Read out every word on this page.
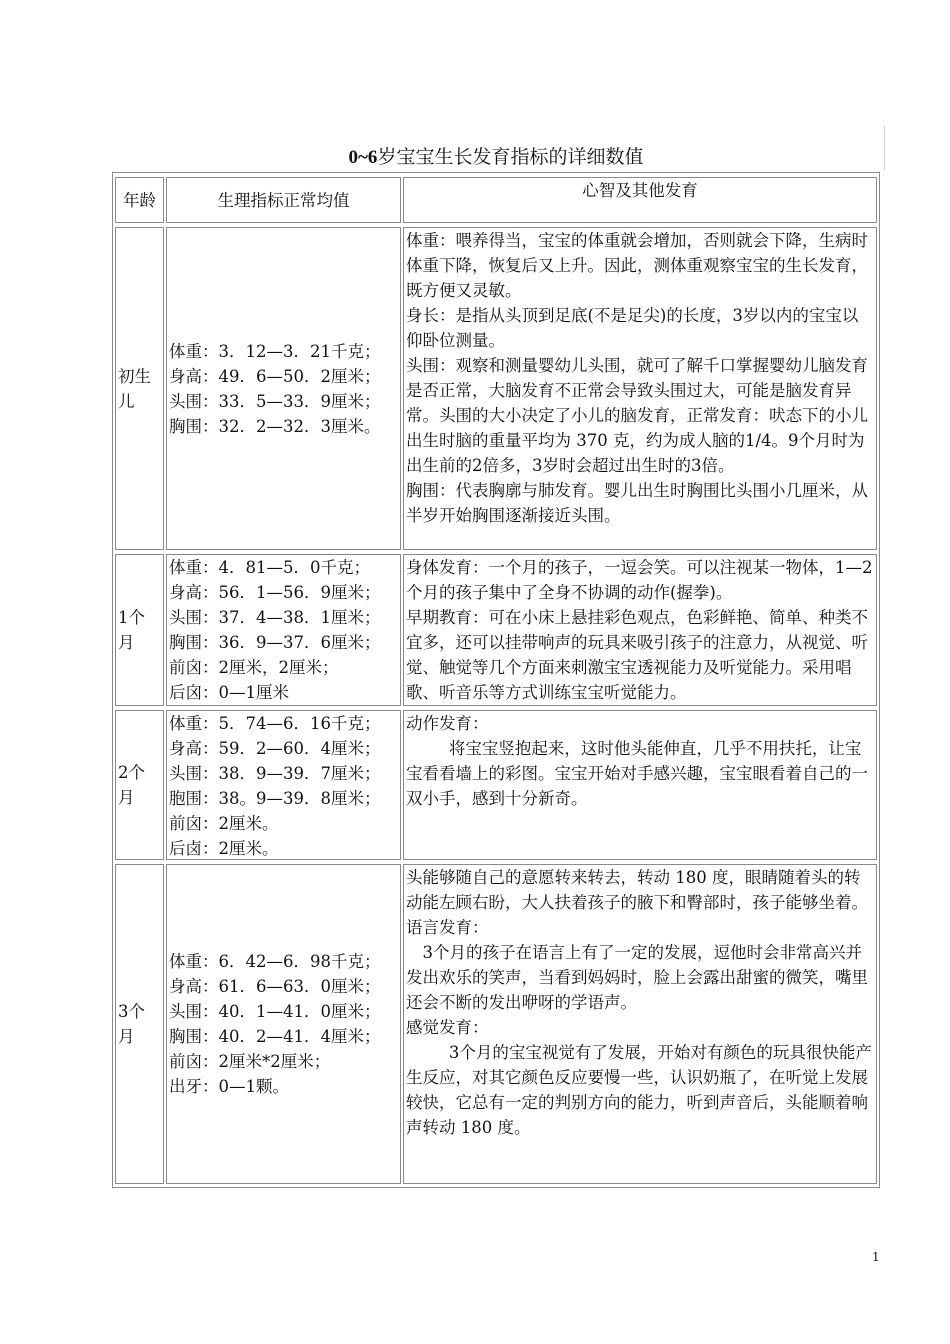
0~6岁宝宝生长发育指标的详细数值
年龄	生理指标正常均值	心智及其他发育
初生儿

体重：3．12—3．21千克；

身高：49．6—50．2厘米；

头围：33．5—33．9厘米；

胸围：32．2—32．3厘米。

体重：喂养得当，宝宝的体重就会增加，否则就会下降，生病时体重下降，恢复后又上升。因此，测体重观察宝宝的生长发育，既方便又灵敏。

身长：是指从头顶到足底(不是足尖)的长度，3岁以内的宝宝以仰卧位测量。

头围：观察和测量婴幼儿头围，就可了解千口掌握婴幼儿脑发育是否正常，大脑发育不正常会导致头围过大，可能是脑发育异常。头围的大小决定了小儿的脑发育，正常发育：吠态下的小儿出生时脑的重量平均为 370 克，约为成人脑的1/4。9个月时为出生前的2倍多，3岁时会超过出生时的3倍。

胸围：代表胸廓与肺发育。婴儿出生时胸围比头围小几厘米，从半岁开始胸围逐渐接近头围。

1个月

体重：4．81—5．0千克；

身高：56．1—56．9厘米；

头围：37．4—38．1厘米；

胸围：36．9—37．6厘米；

前囟：2厘米，2厘米；

后囟：0—1厘米

身体发育：一个月的孩子，一逗会笑。可以注视某一物体，1—2个月的孩子集中了全身不协调的动作(握拳)。

早期教育：可在小床上悬挂彩色观点，色彩鲜艳、简单、种类不宜多，还可以挂带响声的玩具来吸引孩子的注意力，从视觉、听觉、触觉等几个方面来刺激宝宝透视能力及听觉能力。采用唱歌、听音乐等方式训练宝宝听觉能力。

2个月

体重：5．74—6．16千克；

身高：59．2—60．4厘米；

头围：38．9—39．7厘米；

胞围：38。9—39．8厘米；

前囟：2厘米。

后卤：2厘米。

动作发育：

将宝宝竖抱起来，这时他头能伸直，几乎不用扶托，让宝宝看看墙上的彩图。宝宝开始对手感兴趣，宝宝眼看着自己的一双小手，感到十分新奇。

3个月

体重：6．42—6．98千克；

身高：61．6—63．0厘米；

头围：40．1—41．0厘米；

胸围：40．2—41．4厘米；

前囟：2厘米*2厘米；

出牙：0—1颗。

头能够随自己的意愿转来转去，转动 180 度，眼睛随着头的转动能左顾右盼，大人扶着孩子的腋下和臀部时，孩子能够坐着。

语言发育：

3个月的孩子在语言上有了一定的发展，逗他时会非常高兴并发出欢乐的笑声，当看到妈妈时，脸上会露出甜蜜的微笑，嘴里还会不断的发出咿呀的学语声。

感觉发育：

3个月的宝宝视觉有了发展，开始对有颜色的玩具很快能产生反应，对其它颜色反应要慢一些，认识奶瓶了，在听觉上发展较快，它总有一定的判别方向的能力，听到声音后，头能顺着响声转动 180 度。

1
